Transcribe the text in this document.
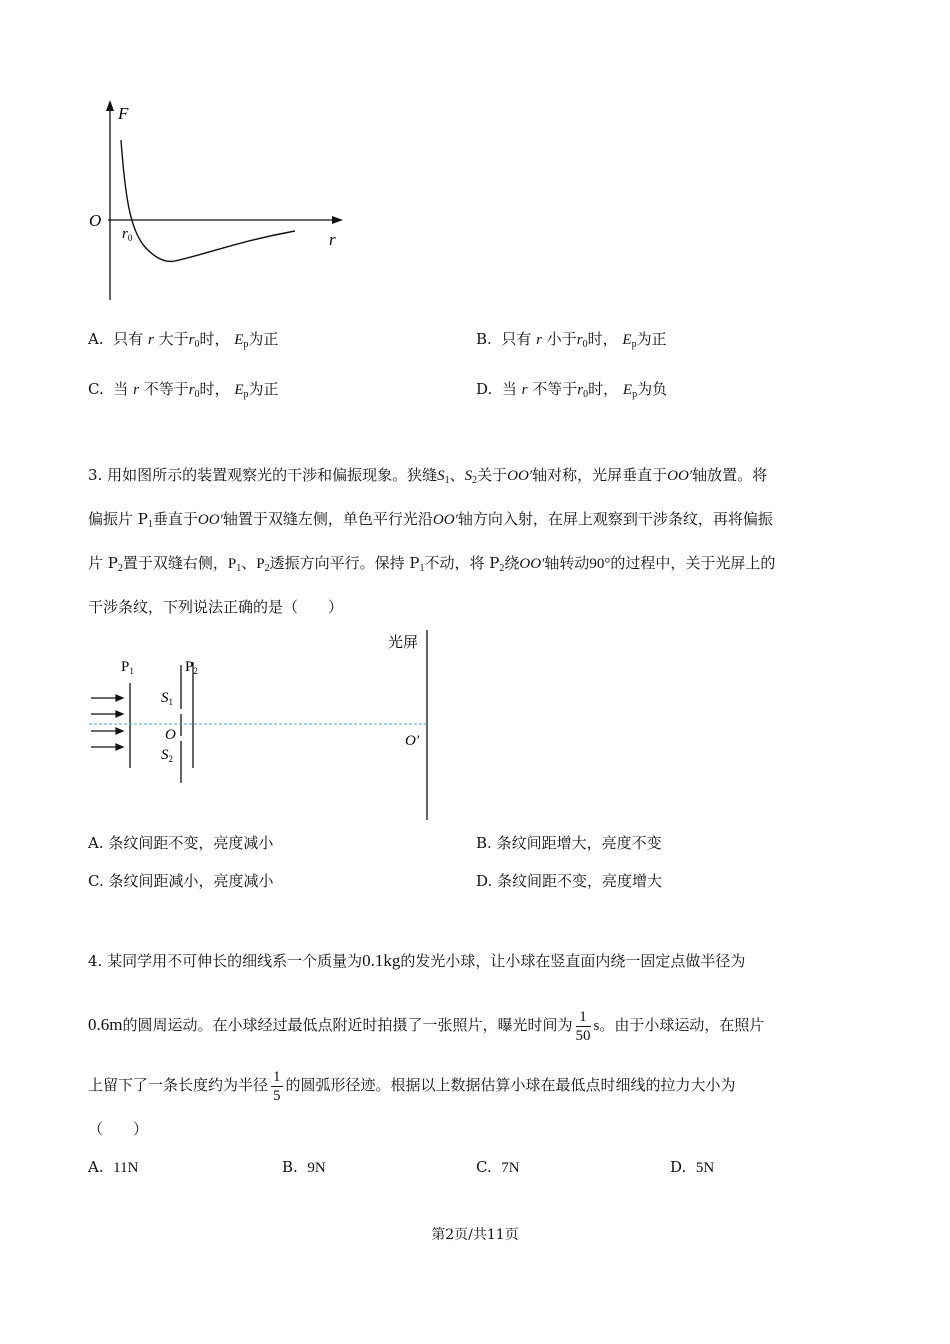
F
O
r
$r_0$
A. 只有 r 大于$r_0$时， $E_p$为正	B. 只有 r 小于$r_0$时， $E_p$为正
C. 当 r 不等于$r_0$时， $E_p$为正	D. 当 r 不等于$r_0$时， $E_p$为负
3. 用如图所示的装置观察光的干涉和偏振现象。狭缝$S_1$、$S_2$关于OO′轴对称，光屏垂直于OO′轴放置。将
偏振片 $P_1$垂直于OO′轴置于双缝左侧，单色平行光沿OO′轴方向入射，在屏上观察到干涉条纹，再将偏振
片 $P_2$置于双缝右侧，$P_1$、$P_2$透振方向平行。保持 $P_1$不动，将 $P_2$绕OO′轴转动90°的过程中，关于光屏上的
干涉条纹，下列说法正确的是（　　）
光屏
$P_1$	$P_2$
$S_1$
O
$S_2$
O′
A. 条纹间距不变，亮度减小	B. 条纹间距增大，亮度不变
C. 条纹间距减小，亮度减小	D. 条纹间距不变，亮度增大
4. 某同学用不可伸长的细线系一个质量为0.1kg的发光小球，让小球在竖直面内绕一固定点做半径为
0.6m的圆周运动。在小球经过最低点附近时拍摄了一张照片，曝光时间为 $\frac{1}{50}$ s。由于小球运动，在照片
上留下了一条长度约为半径 $\frac{1}{5}$ 的圆弧形径迹。根据以上数据估算小球在最低点时细线的拉力大小为
（　　）
A. 11N	B. 9N	C. 7N	D. 5N
第2页/共11页
